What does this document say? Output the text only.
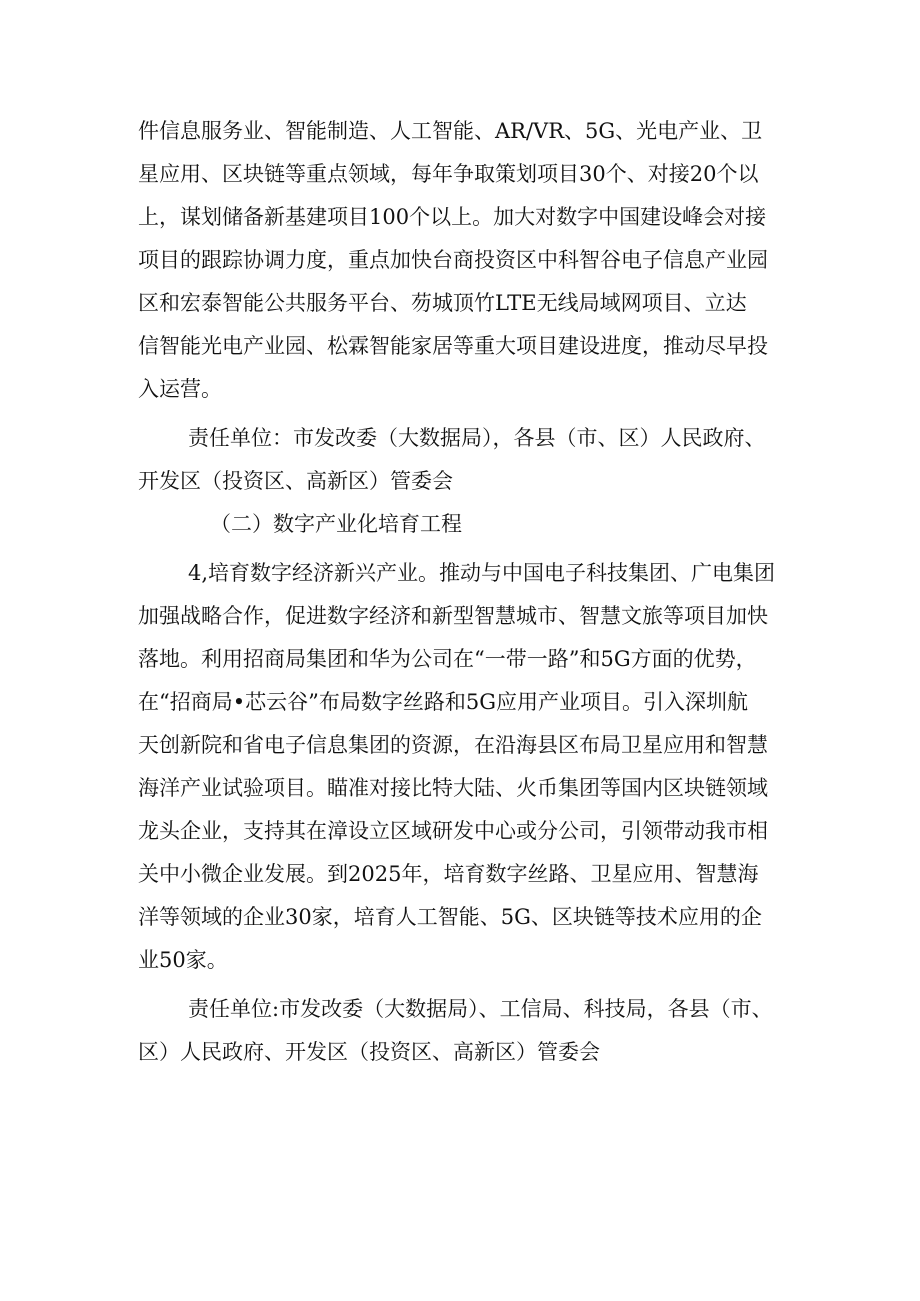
件信息服务业、智能制造、人工智能、AR/VR、5G、光电产业、卫
星应用、区块链等重点领域，每年争取策划项目30个、对接20个以
上，谋划储备新基建项目100个以上。加大对数字中国建设峰会对接
项目的跟踪协调力度，重点加快台商投资区中科智谷电子信息产业园
区和宏泰智能公共服务平台、芴城顶竹LTE无线局域网项目、立达
信智能光电产业园、松霖智能家居等重大项目建设进度，推动尽早投
入运营。
责任单位：市发改委（大数据局），各县（市、区）人民政府、
开发区（投资区、高新区）管委会
（二）数字产业化培育工程
4,培育数字经济新兴产业。推动与中国电子科技集团、广电集团
加强战略合作，促进数字经济和新型智慧城市、智慧文旅等项目加快
落地。利用招商局集团和华为公司在“一带一路”和5G方面的优势，
在“招商局•芯云谷”布局数字丝路和5G应用产业项目。引入深圳航
天创新院和省电子信息集团的资源，在沿海县区布局卫星应用和智慧
海洋产业试验项目。瞄准对接比特大陆、火币集团等国内区块链领域
龙头企业，支持其在漳设立区域研发中心或分公司，引领带动我市相
关中小微企业发展。到2025年，培育数字丝路、卫星应用、智慧海
洋等领域的企业30家，培育人工智能、5G、区块链等技术应用的企
业50家。
责任单位:市发改委（大数据局）、工信局、科技局，各县（市、
区）人民政府、开发区（投资区、高新区）管委会
